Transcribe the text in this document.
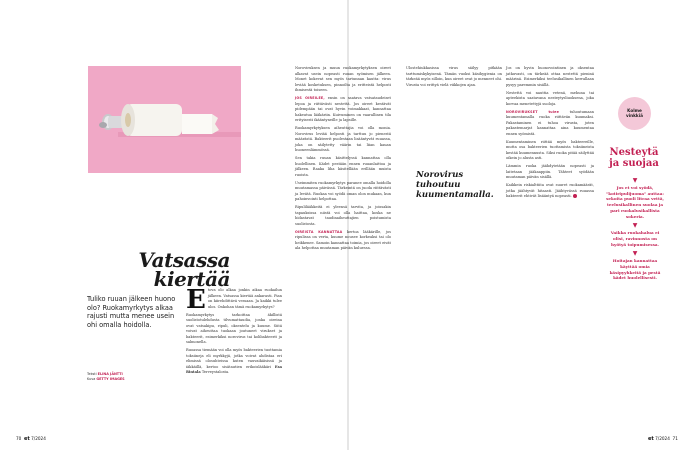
Vatsassa kiertää
Tuliko ruuan jälkeen huono olo? Ruokamyrkytys alkaa rajusti mutta menee usein ohi omalla hoidolla.
Teksti ELINA JÄNTTI
Kuva GETTY IMAGES

Etova olo alkaa jonkin aikaa ruokailun jälkeen. Vatsassa kiertää ankarasti. Pian on kiirehdittävä vessaan. Ja kaikki tulee ulos. Onkohan tämä ruokamyrkytys?

Ruokamyrkytys tarkoittaa äkillistä suolistotulehdusta tilvumattaudia, jonka oireina ovat vatsakipu, ripuli, oksentelu ja kuume. Siitä voivat aiheuttaa tuokaan joutuneet virukset ja bakteerit, esimerkiksi norovirus tai kolibakteerit ja salmonella.

Ruoassa tiemään voi olla myös bakteerien tuottamia toksiineja eli myrkkyjä, jotka voivat ahdistaa eri elimissä olosuhteissa kuten vauvaikäisissä ja iäkkäillä, kertoo sisätautien erikoislääkäri Esa Rintala Terveystalosta.

70 et 7/2024

Noroviruksen ja muun ruokamyrkytyksen oireet alkavat usein nopeasti ruuan syömisen jälkeen. Monet kokevat sen myös tartunnan kautta: virus leviää kosketuksen, pinnoilta ja eritteistä helposti ihmisestä toiseen.

JOS OIREILEE, ensin on saatava vatsataudeiset lepoa ja riittävästi nestettä. Jos oireet kestävät pidempään tai ovat hyvin voimakkaat, kannattaa hakeutua lääkäriin. Kuivuminen on vaarallinen tila erityisesti ikääntyneille ja lapsille.

Ruokamyrkytyksen aiheuttajia voi olla monia. Norovirus leviää helposti ja tarttuu jo pienestä määrästä. Bakteerit puolestaan lisääntyvät ruuassa, joka on säilytetty väärin tai liian kauan huoneenlämmössä.

Sen takia ruuan käsittelyssä kannattaa olla huolellinen. Kädet pestään ennen ruuanlaittoa ja jälkeen. Raaka liha käsitellään erillään muista ruoista.

Useimmiten ruokamyrkytys paranee omalla hoidolla muutamassa päivässä. Tärkeintä on juoda riittävästi ja levätä. Ruokaa voi syödä oman olon mukaan, kun pahoinvointi helpottaa.

Ripulilääkkeitä ei yleensä tarvita, ja joissakin tapauksissa niistä voi olla haittaa, koska ne hidastavat taudinaiheuttajien poistumista suolistosta.

OIREISTA KANNATTAA kertoa lääkärille, jos ripulissa on verta, kuume nousee korkeaksi tai olo heikkenee. Samoin kannattaa toimia, jos oireet eivät ala helpottaa muutaman päivän kuluessa.

Norovirus tuhoutuu kuumentamalla.

Ulostehiukkasissa virus säilyy pitkään tarttumiskykyisenä. Tämän vuoksi käsihygienia on tärkeää myös silloin, kun oireet ovat jo menneet ohi. Virusta voi erittyä vielä viikkojen ajan.

Jos on hyvin huonovointinen ja oksentaa jatkuvasti, on tärkeää ottaa nestettä pieninä määrinä. Esimerkiksi teelusikallinen kerrallaan pysyy paremmin sisällä.

Nestettä voi nauttia vetenä, mehuna tai apteekista saatavana nesteytysliuoksena, joka korvaa menetettyjä suoloja.

NOROVIRUKSET tulee	tuhoutumaan kuumentamalla ruoka riittävän kuumaksi. Pakastaminen ei tuhoa virusta, joten pakastemarjat kannattaa aina kuumentaa ennen syömistä.

Kuumentaminen riittää myös bakteereille, mutta osa bakteerien tuottamista toksiineista kestää kuumennusta. Siksi ruoka pitää säilyttää oikein jo alusta asti.

Lämmin ruoka jäähdytetään nopeasti ja laitetaan jääkaappiin. Tähteet syödään muutaman päivän sisällä.

Kaikkein riskialttiita ovat suuret ruokamäärät, jotka jäähtyvät hitaasti. Jäähtyvässä ruuassa bakteerit ehtivät lisääntyä nopeasti.

Kolme vinkkiä
Nesteytä ja suojaa

▼
Jos et voi syödä, "kotiripulijuoma" auttaa: sekoita puoli litraa vettä, teelusikallinen suolaa ja pari ruokalusikallista sokeria.

▼
Vaikka ruokahalua ei olisi, ravinnosta on hyötyä toipumisessa.

▼
Hoitajan kannattaa käyttää omia käsipyyhkeitä ja pestä kädet huolellisesti.

et 7/2024 71
